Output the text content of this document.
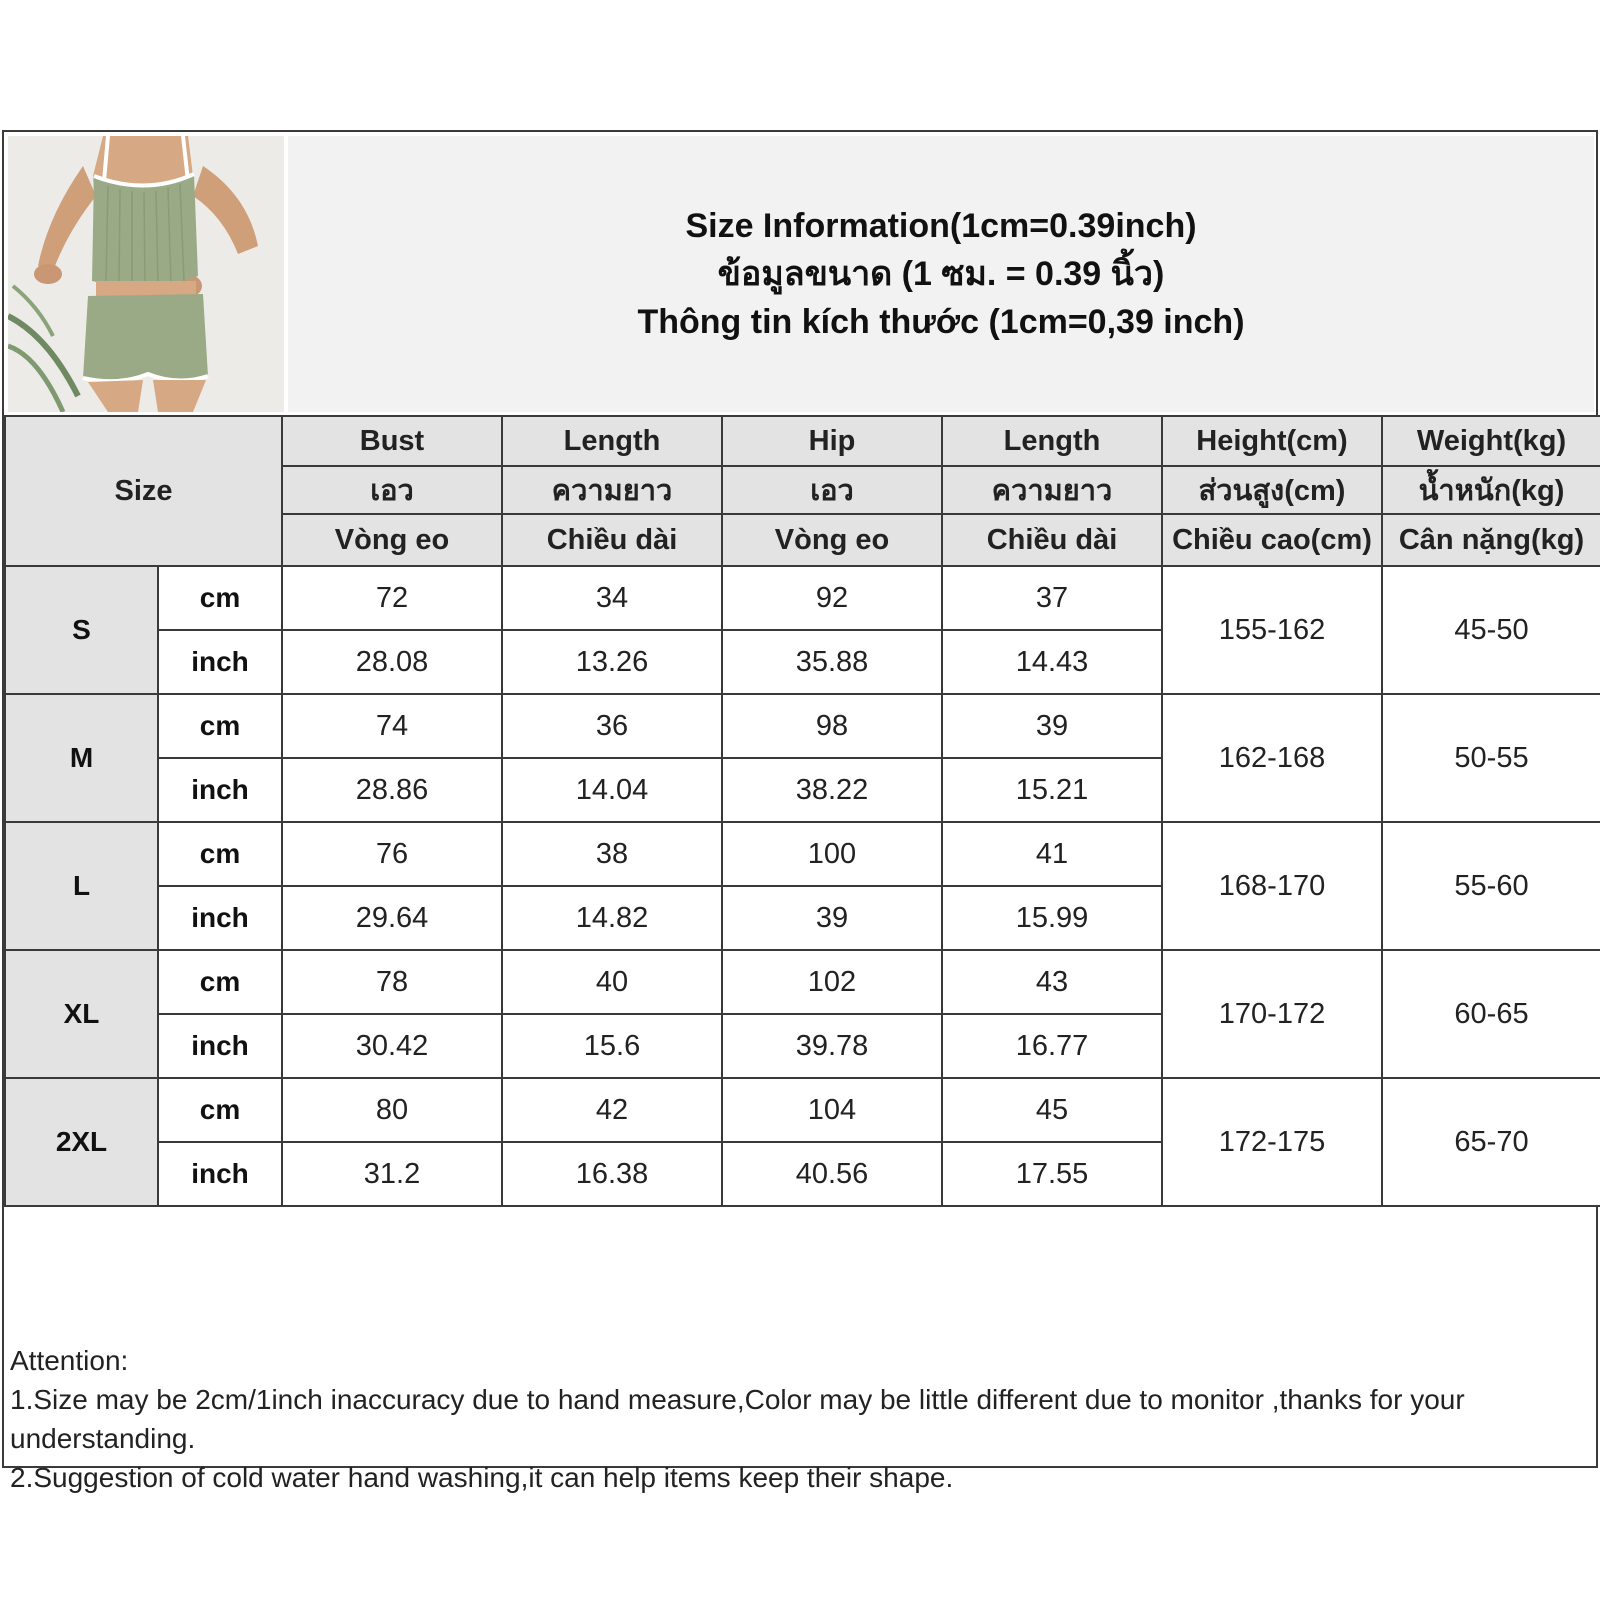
Size Information(1cm=0.39inch)
ข้อมูลขนาด (1 ซม. = 0.39 นิ้ว)
Thông tin kích thước (1cm=0,39 inch)
Size		Bust	Length	Hip	Length	Height(cm)	Weight(kg)
		เอว	ความยาว	เอว	ความยาว	ส่วนสูง(cm)	น้ำหนัก(kg)
		Vòng eo	Chiều dài	Vòng eo	Chiều dài	Chiều cao(cm)	Cân nặng(kg)
S	cm	72	34	92	37	155-162	45-50
	inch	28.08	13.26	35.88	14.43		
M	cm	74	36	98	39	162-168	50-55
	inch	28.86	14.04	38.22	15.21		
L	cm	76	38	100	41	168-170	55-60
	inch	29.64	14.82	39	15.99		
XL	cm	78	40	102	43	170-172	60-65
	inch	30.42	15.6	39.78	16.77		
2XL	cm	80	42	104	45	172-175	65-70
	inch	31.2	16.38	40.56	17.55		
Attention:
1.Size may be 2cm/1inch inaccuracy due to hand measure,Color may be little different due to monitor ,thanks for your understanding.
2.Suggestion of cold water hand washing,it can help items keep their shape.
